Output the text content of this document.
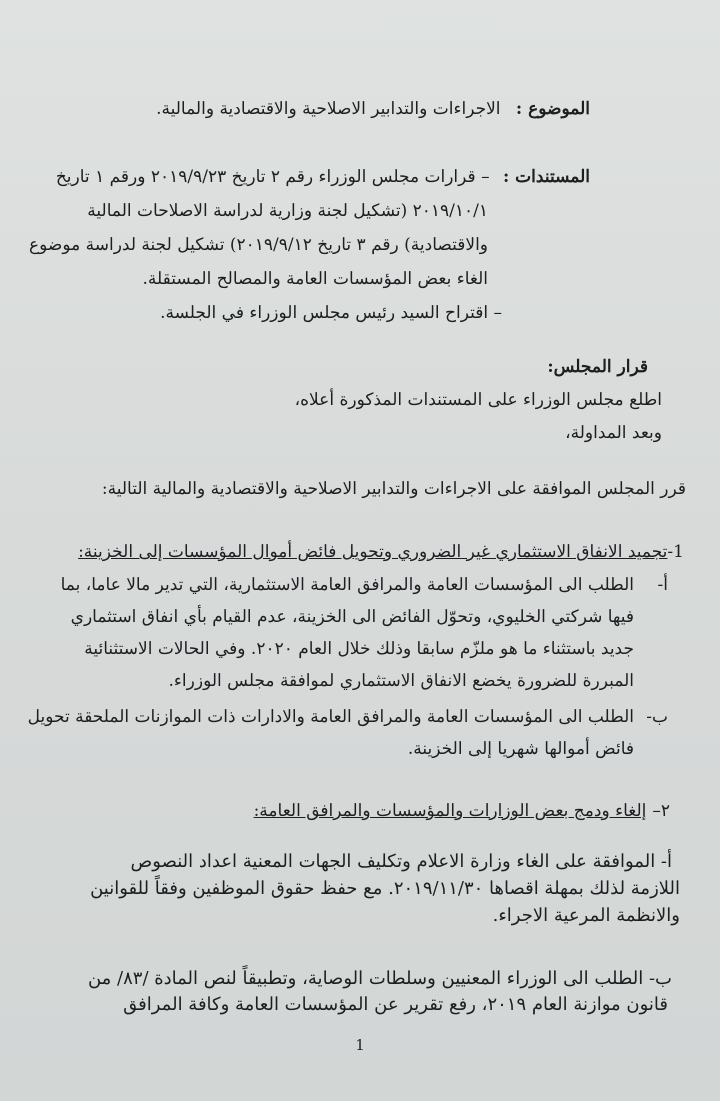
الموضوع : الاجراءات والتدابير الاصلاحية والاقتصادية والمالية.
المستندات : – قرارات مجلس الوزراء رقم ٢ تاريخ ٢٠١٩/٩/٢٣ ورقم ١ تاريخ
٢٠١٩/١٠/١ (تشكيل لجنة وزارية لدراسة الاصلاحات المالية
والاقتصادية) رقم ٣ تاريخ ٢٠١٩/٩/١٢) تشكيل لجنة لدراسة موضوع
الغاء بعض المؤسسات العامة والمصالح المستقلة.
– اقتراح السيد رئيس مجلس الوزراء في الجلسة.
قرار المجلس:
اطلع مجلس الوزراء على المستندات المذكورة أعلاه،
وبعد المداولة،
قرر المجلس الموافقة على الاجراءات والتدابير الاصلاحية والاقتصادية والمالية التالية:
1-تجميد الانفاق الاستثماري غير الضروري وتحويل فائض أموال المؤسسات إلى الخزينة:
أ-الطلب الى المؤسسات العامة والمرافق العامة الاستثمارية، التي تدير مالا عاما، بما
فيها شركتي الخليوي، وتحوّل الفائض الى الخزينة، عدم القيام بأي انفاق استثماري
جديد باستثناء ما هو ملزّم سابقا وذلك خلال العام ٢٠٢٠. وفي الحالات الاستثنائية
المبررة للضرورة يخضع الانفاق الاستثماري لموافقة مجلس الوزراء.
ب-الطلب الى المؤسسات العامة والمرافق العامة والادارات ذات الموازنات الملحقة تحويل
فائض أموالها شهريا إلى الخزينة.
٢–إلغاء ودمج بعض الوزارات والمؤسسات والمرافق العامة:
أ- الموافقة على الغاء وزارة الاعلام وتكليف الجهات المعنية اعداد النصوص
اللازمة لذلك بمهلة اقصاها ٢٠١٩/١١/٣٠. مع حفظ حقوق الموظفين وفقاً للقوانين
والانظمة المرعية الاجراء.
ب- الطلب الى الوزراء المعنيين وسلطات الوصاية، وتطبيقاً لنص المادة /٨٣/ من
قانون موازنة العام ٢٠١٩، رفع تقرير عن المؤسسات العامة وكافة المرافق
1
